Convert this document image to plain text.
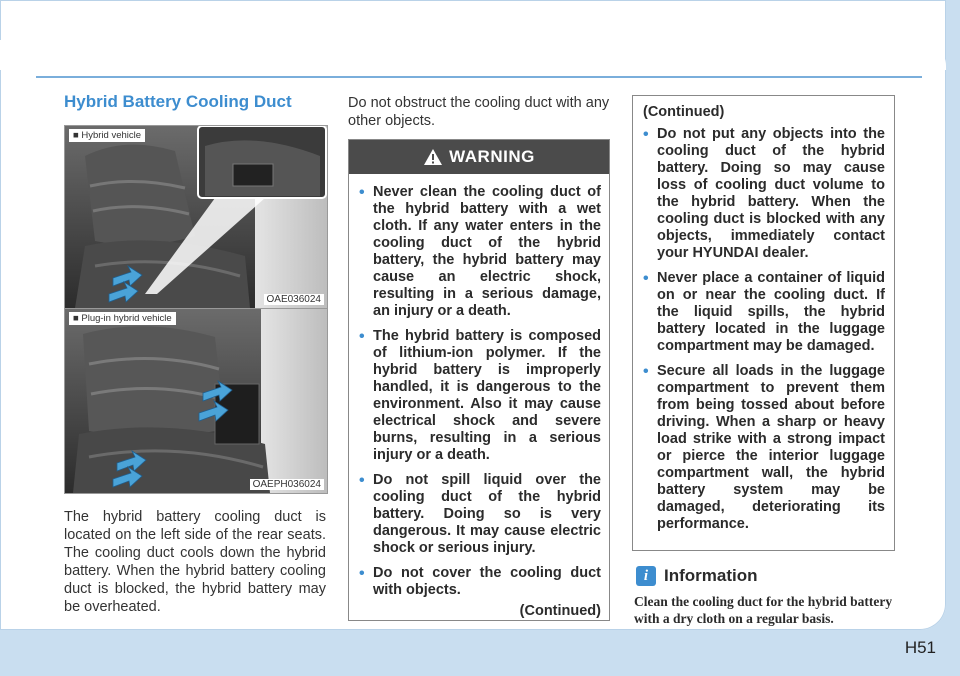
Hybrid Battery Cooling Duct
■ Hybrid vehicle
OAE036024
■ Plug-in hybrid vehicle
OAEPH036024

The hybrid battery cooling duct is located on the left side of the rear seats. The cooling duct cools down the hybrid battery. When the hybrid battery cooling duct is blocked, the hybrid battery may be overheated.

Do not obstruct the cooling duct with any other objects.

WARNING
• Never clean the cooling duct of the hybrid battery with a wet cloth. If any water enters in the cooling duct of the hybrid battery, the hybrid battery may cause an electric shock, resulting in a serious damage, an injury or a death.
• The hybrid battery is composed of lithium-ion polymer. If the hybrid battery is improperly handled, it is dangerous to the environment. Also it may cause electrical shock and severe burns, resulting in a serious injury or a death.
• Do not spill liquid over the cooling duct of the hybrid battery. Doing so is very dangerous. It may cause electric shock or serious injury.
• Do not cover the cooling duct with objects.
(Continued)
(Continued)
• Do not put any objects into the cooling duct of the hybrid battery. Doing so may cause loss of cooling duct volume to the hybrid battery. When the cooling duct is blocked with any objects, immediately contact your HYUNDAI dealer.
• Never place a container of liquid on or near the cooling duct. If the liquid spills, the hybrid battery located in the luggage compartment may be damaged.
• Secure all loads in the luggage compartment to prevent them from being tossed about before driving. When a sharp or heavy load strike with a strong impact or pierce the interior luggage compartment wall, the hybrid battery system may be damaged, deteriorating its performance.
i Information

Clean the cooling duct for the hybrid battery with a dry cloth on a regular basis.

H51
